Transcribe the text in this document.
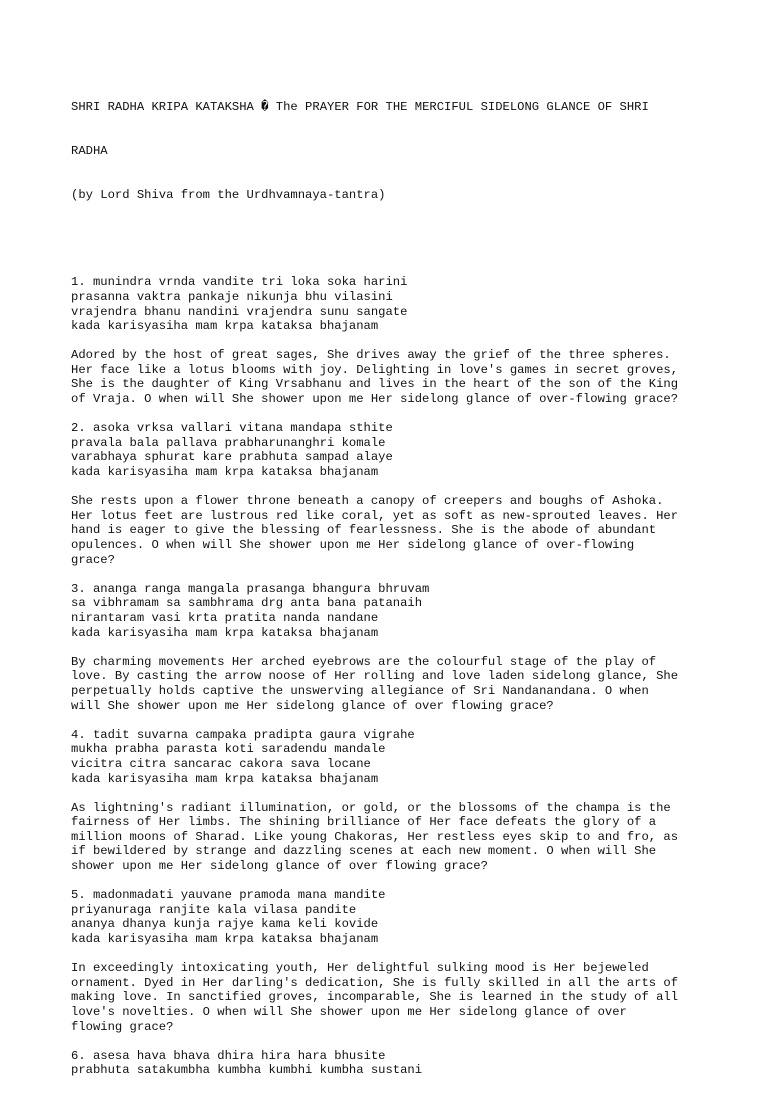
SHRI RADHA KRIPA KATAKSHA � The PRAYER FOR THE MERCIFUL SIDELONG GLANCE OF SHRI

RADHA

(by Lord Shiva from the Urdhvamnaya-tantra)

1. munindra vrnda vandite tri loka soka harini
prasanna vaktra pankaje nikunja bhu vilasini
vrajendra bhanu nandini vrajendra sunu sangate
kada karisyasiha mam krpa kataksa bhajanam
Adored by the host of great sages, She drives away the grief of the three spheres.
Her face like a lotus blooms with joy. Delighting in love's games in secret groves,
She is the daughter of King Vrsabhanu and lives in the heart of the son of the King
of Vraja. O when will She shower upon me Her sidelong glance of over-flowing grace?
2. asoka vrksa vallari vitana mandapa sthite
pravala bala pallava prabharunanghri komale
varabhaya sphurat kare prabhuta sampad alaye
kada karisyasiha mam krpa kataksa bhajanam
She rests upon a flower throne beneath a canopy of creepers and boughs of Ashoka.
Her lotus feet are lustrous red like coral, yet as soft as new-sprouted leaves. Her
hand is eager to give the blessing of fearlessness. She is the abode of abundant
opulences. O when will She shower upon me Her sidelong glance of over-flowing
grace?
3. ananga ranga mangala prasanga bhangura bhruvam
sa vibhramam sa sambhrama drg anta bana patanaih
nirantaram vasi krta pratita nanda nandane
kada karisyasiha mam krpa kataksa bhajanam
By charming movements Her arched eyebrows are the colourful stage of the play of
love. By casting the arrow noose of Her rolling and love laden sidelong glance, She
perpetually holds captive the unswerving allegiance of Sri Nandanandana. O when
will She shower upon me Her sidelong glance of over flowing grace?
4. tadit suvarna campaka pradipta gaura vigrahe
mukha prabha parasta koti saradendu mandale
vicitra citra sancarac cakora sava locane
kada karisyasiha mam krpa kataksa bhajanam
As lightning's radiant illumination, or gold, or the blossoms of the champa is the
fairness of Her limbs. The shining brilliance of Her face defeats the glory of a
million moons of Sharad. Like young Chakoras, Her restless eyes skip to and fro, as
if bewildered by strange and dazzling scenes at each new moment. O when will She
shower upon me Her sidelong glance of over flowing grace?
5. madonmadati yauvane pramoda mana mandite
priyanuraga ranjite kala vilasa pandite
ananya dhanya kunja rajye kama keli kovide
kada karisyasiha mam krpa kataksa bhajanam
In exceedingly intoxicating youth, Her delightful sulking mood is Her bejeweled
ornament. Dyed in Her darling's dedication, She is fully skilled in all the arts of
making love. In sanctified groves, incomparable, She is learned in the study of all
love's novelties. O when will She shower upon me Her sidelong glance of over
flowing grace?
6. asesa hava bhava dhira hira hara bhusite
prabhuta satakumbha kumbha kumbhi kumbha sustani
